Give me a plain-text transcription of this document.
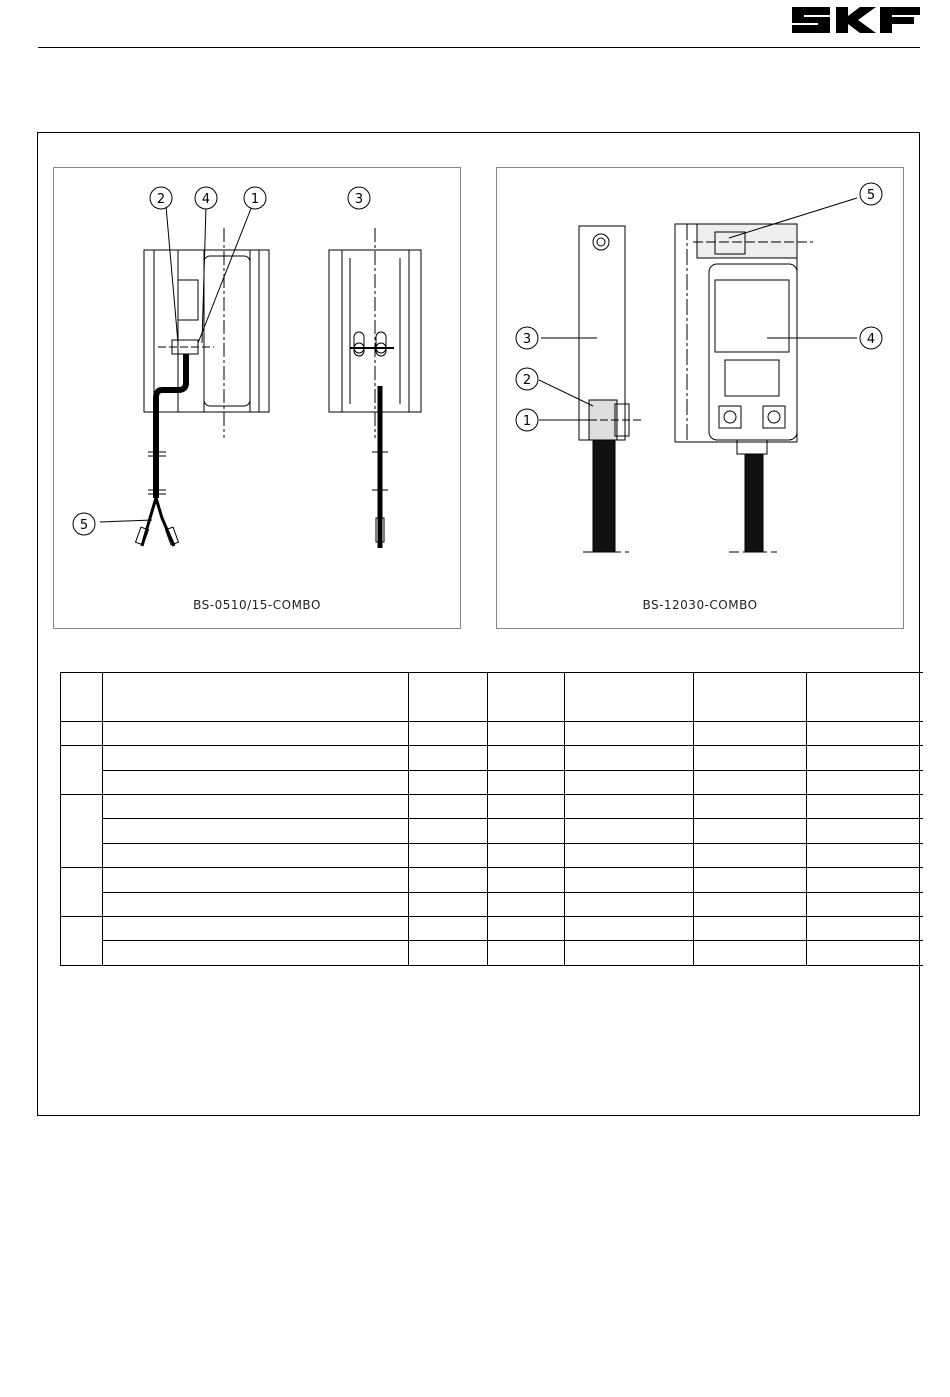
2	4	1	3
5
BS-0510/15-COMBO
5
3	4
2
1
BS-12030-COMBO
